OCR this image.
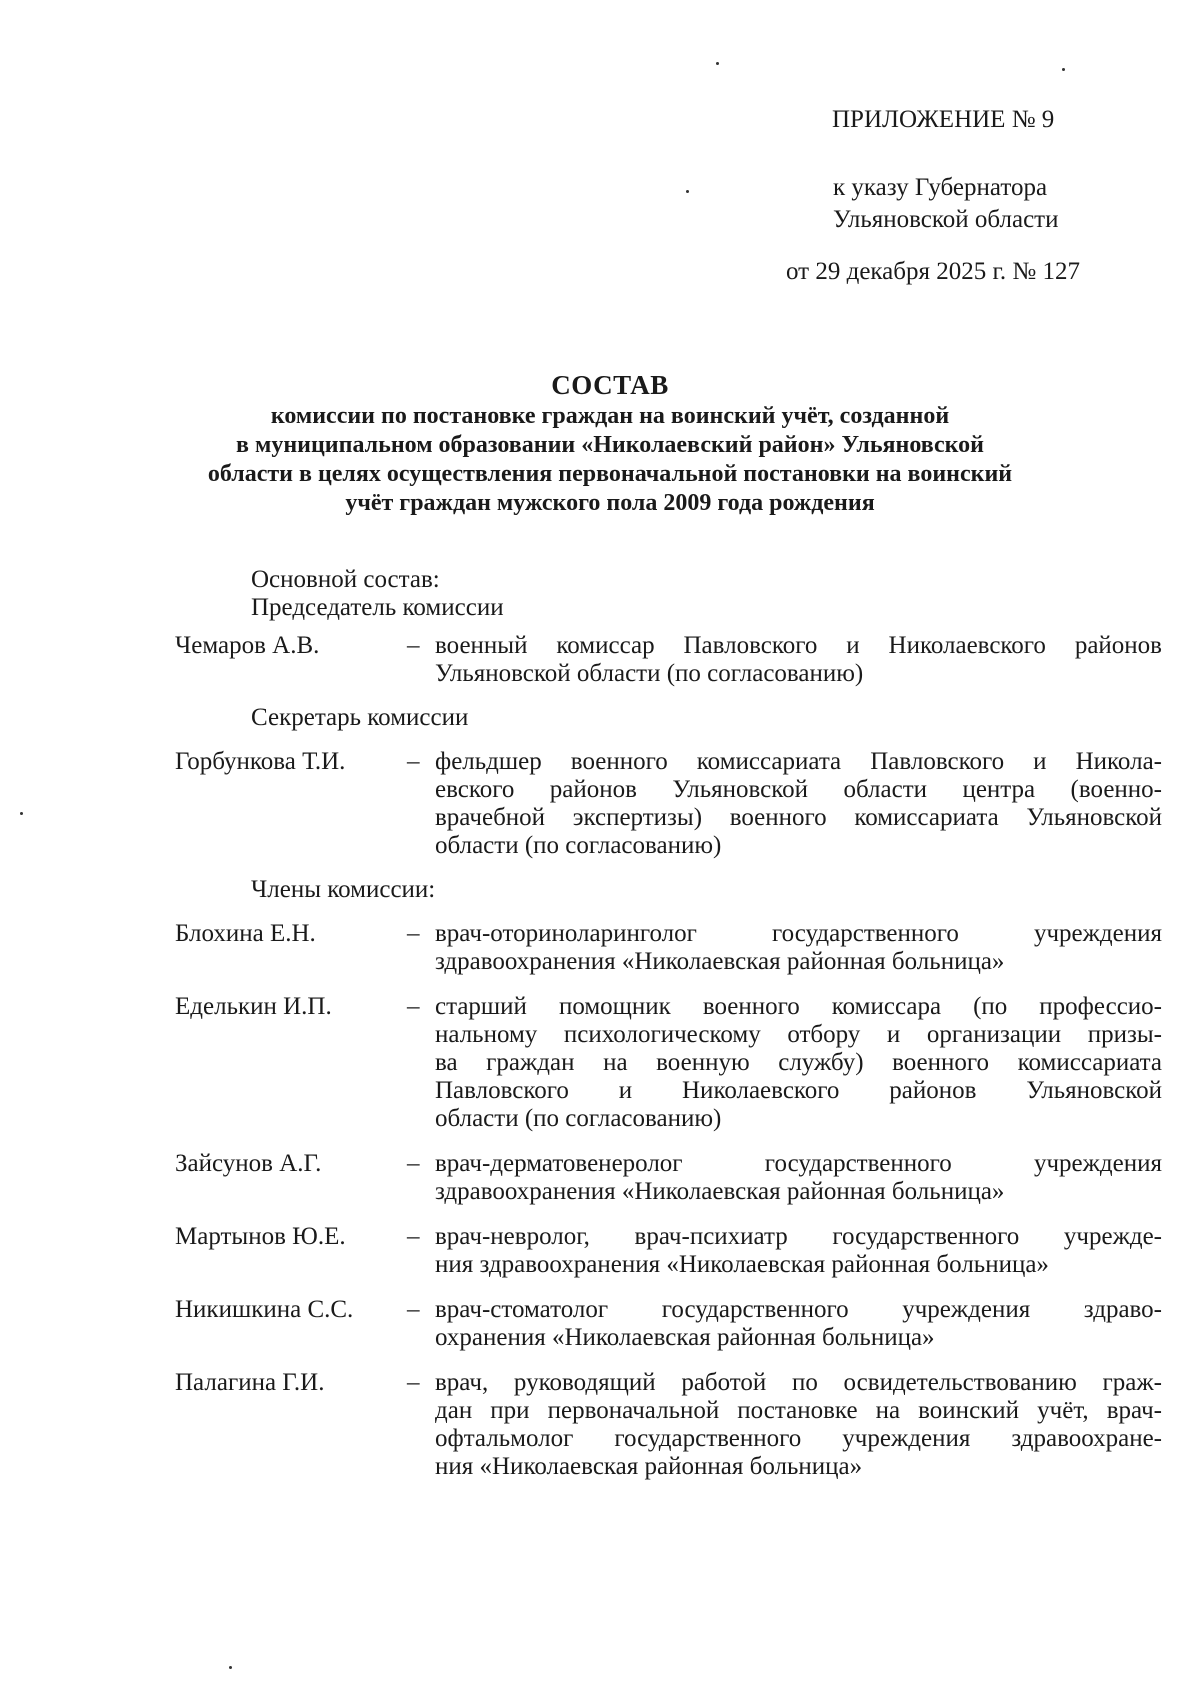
ПРИЛОЖЕНИЕ № 9
к указу Губернатора
Ульяновской области
от 29 декабря 2025 г. № 127
СОСТАВ
комиссии по постановке граждан на воинский учёт, созданной
в муниципальном образовании «Николаевский район» Ульяновской
области в целях осуществления первоначальной постановки на воинский
учёт граждан мужского пола 2009 года рождения
Основной состав:
Председатель комиссии
Чемаров А.В.	– военный комиссар Павловского и Николаевского районов
Ульяновской области (по согласованию)
Секретарь комиссии
Горбункова Т.И.	– фельдшер военного комиссариата Павловского и Никола-
евского районов Ульяновской области центра (военно-
врачебной экспертизы) военного комиссариата Ульяновской
области (по согласованию)
Члены комиссии:
Блохина Е.Н.	– врач-оториноларинголог государственного учреждения
здравоохранения «Николаевская районная больница»
Еделькин И.П.	– старший помощник военного комиссара (по профессио-
нальному психологическому отбору и организации призы-
ва граждан на военную службу) военного комиссариата
Павловского и Николаевского районов Ульяновской
области (по согласованию)
Зайсунов А.Г.	– врач-дерматовенеролог государственного учреждения
здравоохранения «Николаевская районная больница»
Мартынов Ю.Е.	– врач-невролог, врач-психиатр государственного учрежде-
ния здравоохранения «Николаевская районная больница»
Никишкина С.С.	– врач-стоматолог государственного учреждения здраво-
охранения «Николаевская районная больница»
Палагина Г.И.	– врач, руководящий работой по освидетельствованию граж-
дан при первоначальной постановке на воинский учёт, врач-
офтальмолог государственного учреждения здравоохране-
ния «Николаевская районная больница»
